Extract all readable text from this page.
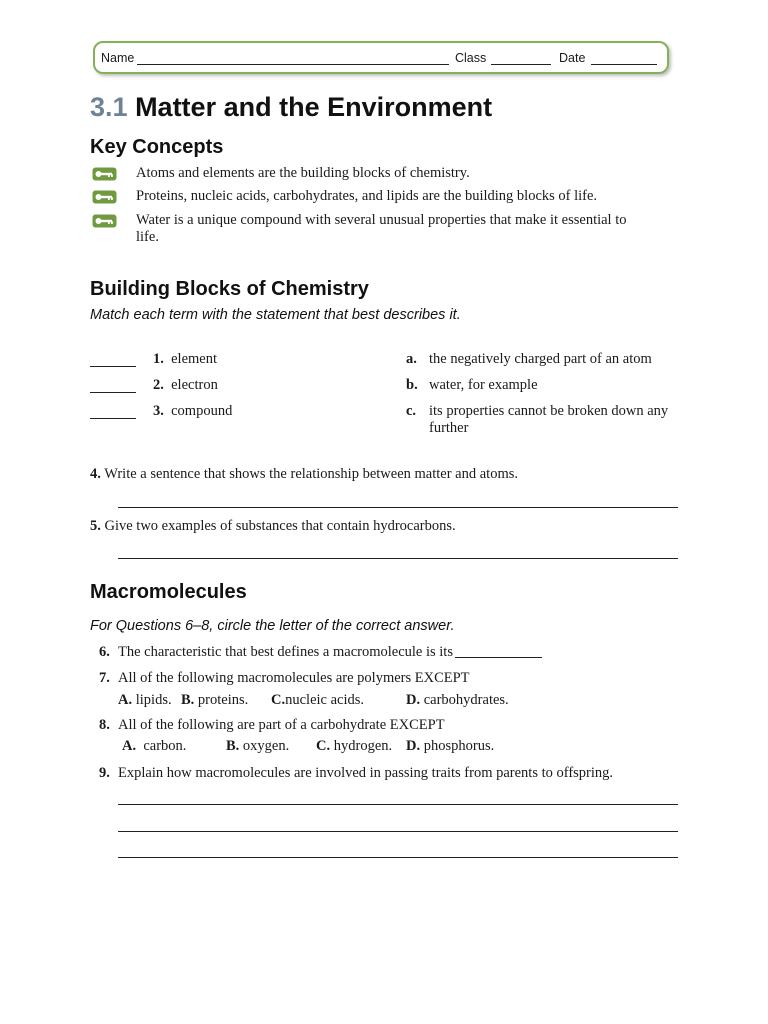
Name	Class	Date
3.1 Matter and the Environment
Key Concepts
Atoms and elements are the building blocks of chemistry.
Proteins, nucleic acids, carbohydrates, and lipids are the building blocks of life.
Water is a unique compound with several unusual properties that make it essential to life.
Building Blocks of Chemistry

Match each term with the statement that best describes it.

1. element
2. electron
3. compound
a. the negatively charged part of an atom
b. water, for example
c. its properties cannot be broken down any further
4. Write a sentence that shows the relationship between matter and atoms.
5. Give two examples of substances that contain hydrocarbons.
Macromolecules

For Questions 6–8, circle the letter of the correct answer.

6. The characteristic that best defines a macromolecule is its
7. All of the following macromolecules are polymers EXCEPT
A. lipids. B. proteins. C.nucleic acids.	D. carbohydrates.
8. All of the following are part of a carbohydrate EXCEPT
A. carbon.	B. oxygen. C. hydrogen. D. phosphorus.
9. Explain how macromolecules are involved in passing traits from parents to offspring.
